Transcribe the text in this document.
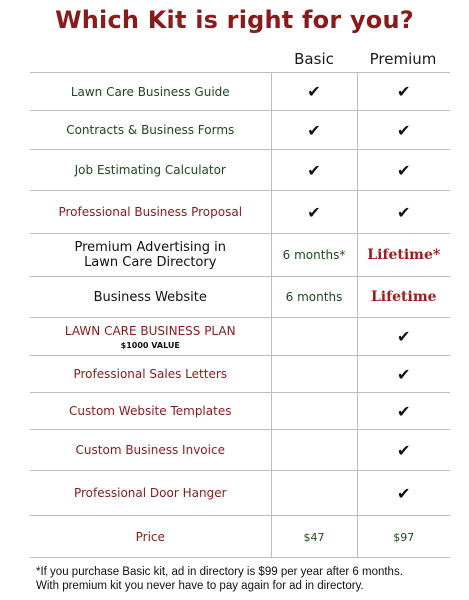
Which Kit is right for you?
Basic	Premium
Lawn Care Business Guide	✔	✔
Contracts & Business Forms	✔	✔
Job Estimating Calculator	✔	✔
Professional Business Proposal	✔	✔

Premium Advertising in
Lawn Care Directory	6 months*	Lifetime*
Business Website	6 months	Lifetime

LAWN CARE BUSINESS PLAN
$1000 VALUE		✔
Professional Sales Letters		✔
Custom Website Templates		✔
Custom Business Invoice		✔
Professional Door Hanger		✔
Price	$47	$97
*If you purchase Basic kit, ad in directory is $99 per year after 6 months.
With premium kit you never have to pay again for ad in directory.
